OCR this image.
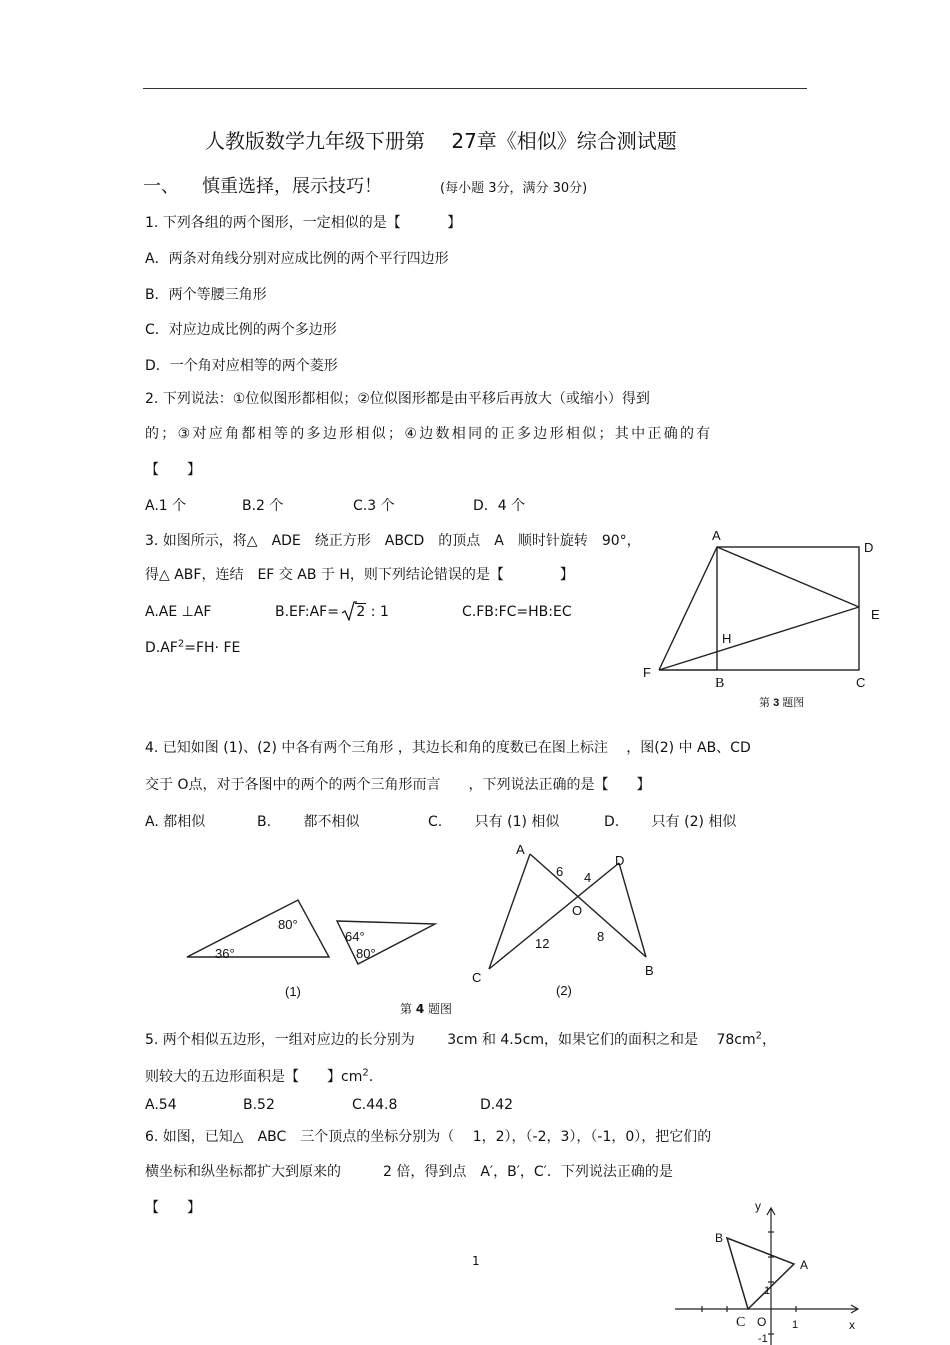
人教版数学九年级下册第　 27章《相似》综合测试题
一、 慎重选择，展示技巧！	(每小题 3分，满分 30分)
1. 下列各组的两个图形，一定相似的是【　　　 】
A．两条对角线分别对应成比例的两个平行四边形
B．两个等腰三角形
C．对应边成比例的两个多边形
D．一个角对应相等的两个菱形
2. 下列说法：①位似图形都相似；②位似图形都是由平移后再放大（或缩小）得到
的；③对应角都相等的多边形相似；④边数相同的正多边形相似；其中正确的有
【　　】
A.1 个	B.2 个	C.3 个	D．4 个
3. 如图所示，将△　ADE　绕正方形　ABCD　的顶点　A　顺时针旋转　90°，
得△ ABF，连结　EF 交 AB 于 H，则下列结论错误的是【　　　　】
A.AE ⊥AF	B.EF:AF= 2 : 1	C.FB:FC=HB:EC
$D.AF^2=FH\cdot$ FE
A
D
E
H
F
B	C
第 3 题图
4. 已知如图 (1)、(2) 中各有两个三角形 ，其边长和角的度数已在图上标注　 ，图(2) 中 AB、CD
交于 O点，对于各图中的两个的两个三角形而言　　，下列说法正确的是【　　】
A. 都相似	B.　　 都不相似	C.　　 只有 (1) 相似	D.　　 只有 (2) 相似
80°
36°
64°
80°
(1)
A
D
O
C	B
6 4
12	8
(2)
第 4 题图
5. 两个相似五边形，一组对应边的长分别为　　 3cm 和 4.5cm，如果它们的面积之和是　 $78cm^2$，
则较大的五边形面积是【　　】$cm^2$.
A.54	B.52	C.44.8	D.42
6. 如图，已知△　ABC　三个顶点的坐标分别为（　 1，2），（-2，3），（-1，0），把它们的
横坐标和纵坐标都扩大到原来的　　　2 倍，得到点　A′，B′，C′．下列说法正确的是
【　　】	y
x
A
B
C O 1
1
-1
1
